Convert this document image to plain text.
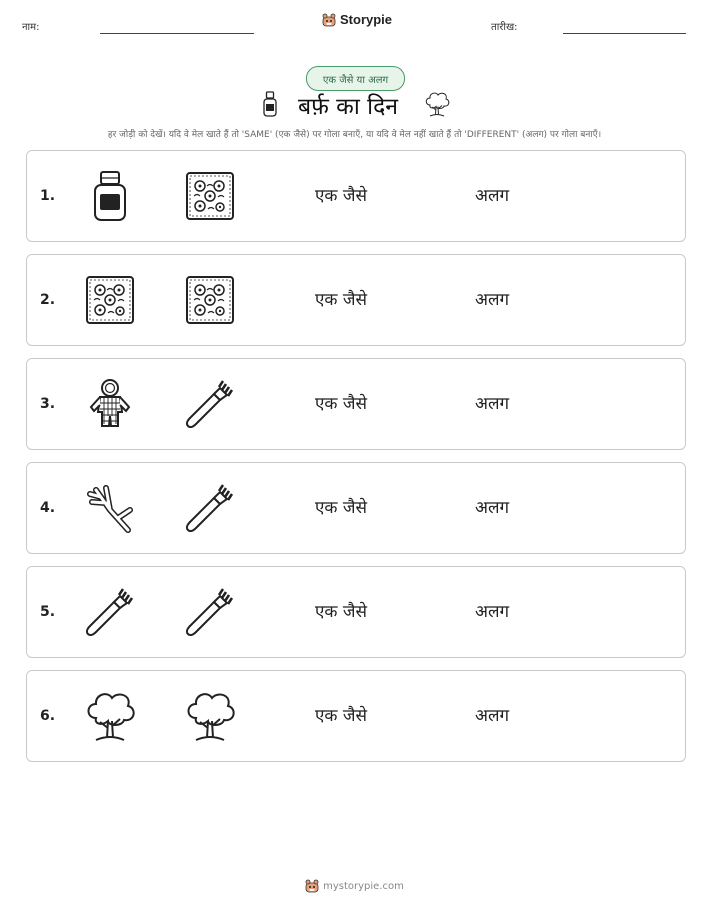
नाम:
Storypie
तारीख:
एक जैसे या अलग
बर्फ़ का दिन
हर जोड़ी को देखें। यदि वे मेल खाते हैं तो 'SAME' (एक जैसे) पर गोला बनाएँ, या यदि वे मेल नहीं खाते हैं तो 'DIFFERENT' (अलग) पर गोला बनाएँ।
1.	एक जैसे	अलग
2.	एक जैसे	अलग
3.	एक जैसे	अलग
4.	एक जैसे	अलग
5.	एक जैसे	अलग
6.	एक जैसे	अलग
mystorypie.com
